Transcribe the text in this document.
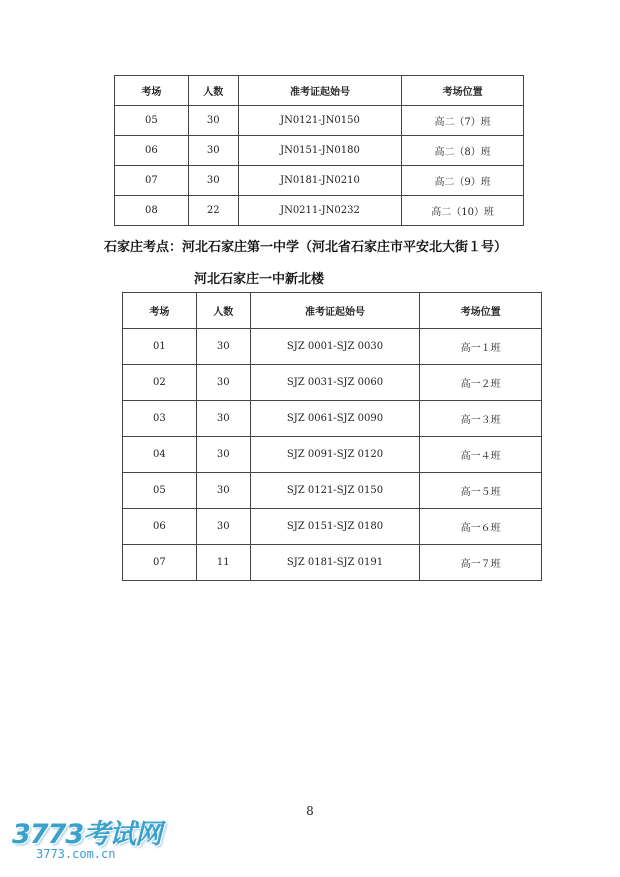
考场	人数	准考证起始号	考场位置
05	30	JN0121-JN0150	高二（7）班
06	30	JN0151-JN0180	高二（8）班
07	30	JN0181-JN0210	高二（9）班
08	22	JN0211-JN0232	高二（10）班
石家庄考点：河北石家庄第一中学（河北省石家庄市平安北大街１号）
河北石家庄一中新北楼
考场	人数	准考证起始号	考场位置
01	30	SJZ 0001-SJZ 0030	高一１班
02	30	SJZ 0031-SJZ 0060	高一２班
03	30	SJZ 0061-SJZ 0090	高一３班
04	30	SJZ 0091-SJZ 0120	高一４班
05	30	SJZ 0121-SJZ 0150	高一５班
06	30	SJZ 0151-SJZ 0180	高一６班
07	11	SJZ 0181-SJZ 0191	高一７班
8
3773考试网
3773.com.cn
